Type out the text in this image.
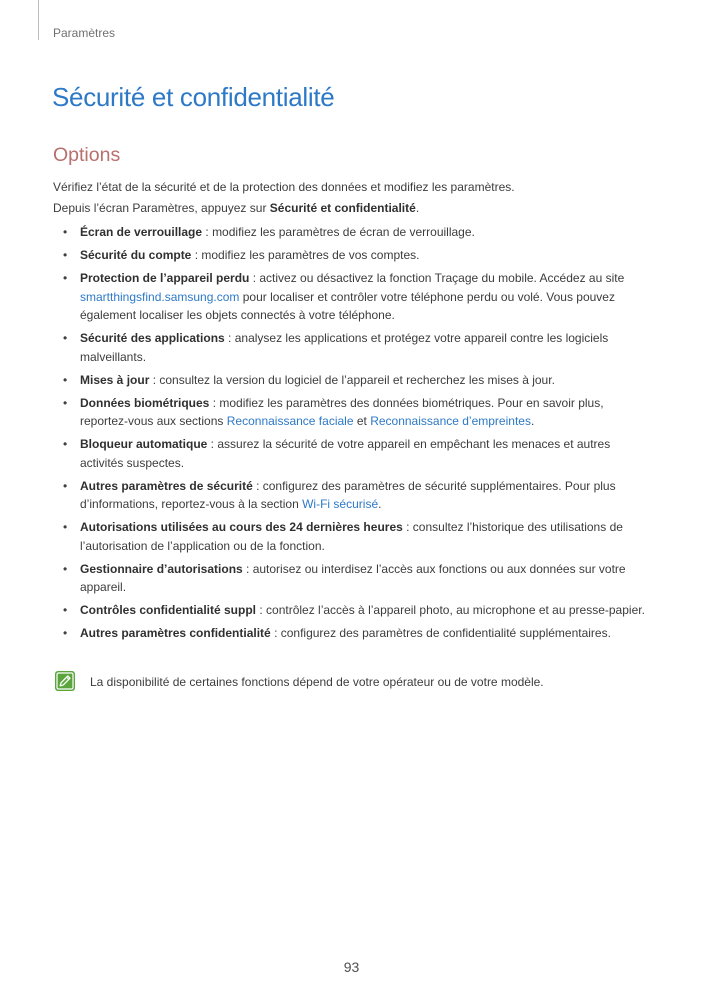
Paramètres
Sécurité et confidentialité
Options

Vérifiez l’état de la sécurité et de la protection des données et modifiez les paramètres.

Depuis l’écran Paramètres, appuyez sur Sécurité et confidentialité.

• Écran de verrouillage : modifiez les paramètres de écran de verrouillage.
• Sécurité du compte : modifiez les paramètres de vos comptes.
• Protection de l’appareil perdu : activez ou désactivez la fonction Traçage du mobile. Accédez au site smartthingsfind.samsung.com pour localiser et contrôler votre téléphone perdu ou volé. Vous pouvez également localiser les objets connectés à votre téléphone.
• Sécurité des applications : analysez les applications et protégez votre appareil contre les logiciels malveillants.
• Mises à jour : consultez la version du logiciel de l’appareil et recherchez les mises à jour.
• Données biométriques : modifiez les paramètres des données biométriques. Pour en savoir plus, reportez-vous aux sections Reconnaissance faciale et Reconnaissance d’empreintes.
• Bloqueur automatique : assurez la sécurité de votre appareil en empêchant les menaces et autres activités suspectes.
• Autres paramètres de sécurité : configurez des paramètres de sécurité supplémentaires. Pour plus d’informations, reportez-vous à la section Wi-Fi sécurisé.
• Autorisations utilisées au cours des 24 dernières heures : consultez l’historique des utilisations de l’autorisation de l’application ou de la fonction.
• Gestionnaire d’autorisations : autorisez ou interdisez l’accès aux fonctions ou aux données sur votre appareil.
• Contrôles confidentialité suppl : contrôlez l’accès à l’appareil photo, au microphone et au presse-papier.
• Autres paramètres confidentialité : configurez des paramètres de confidentialité supplémentaires.
La disponibilité de certaines fonctions dépend de votre opérateur ou de votre modèle.
93
